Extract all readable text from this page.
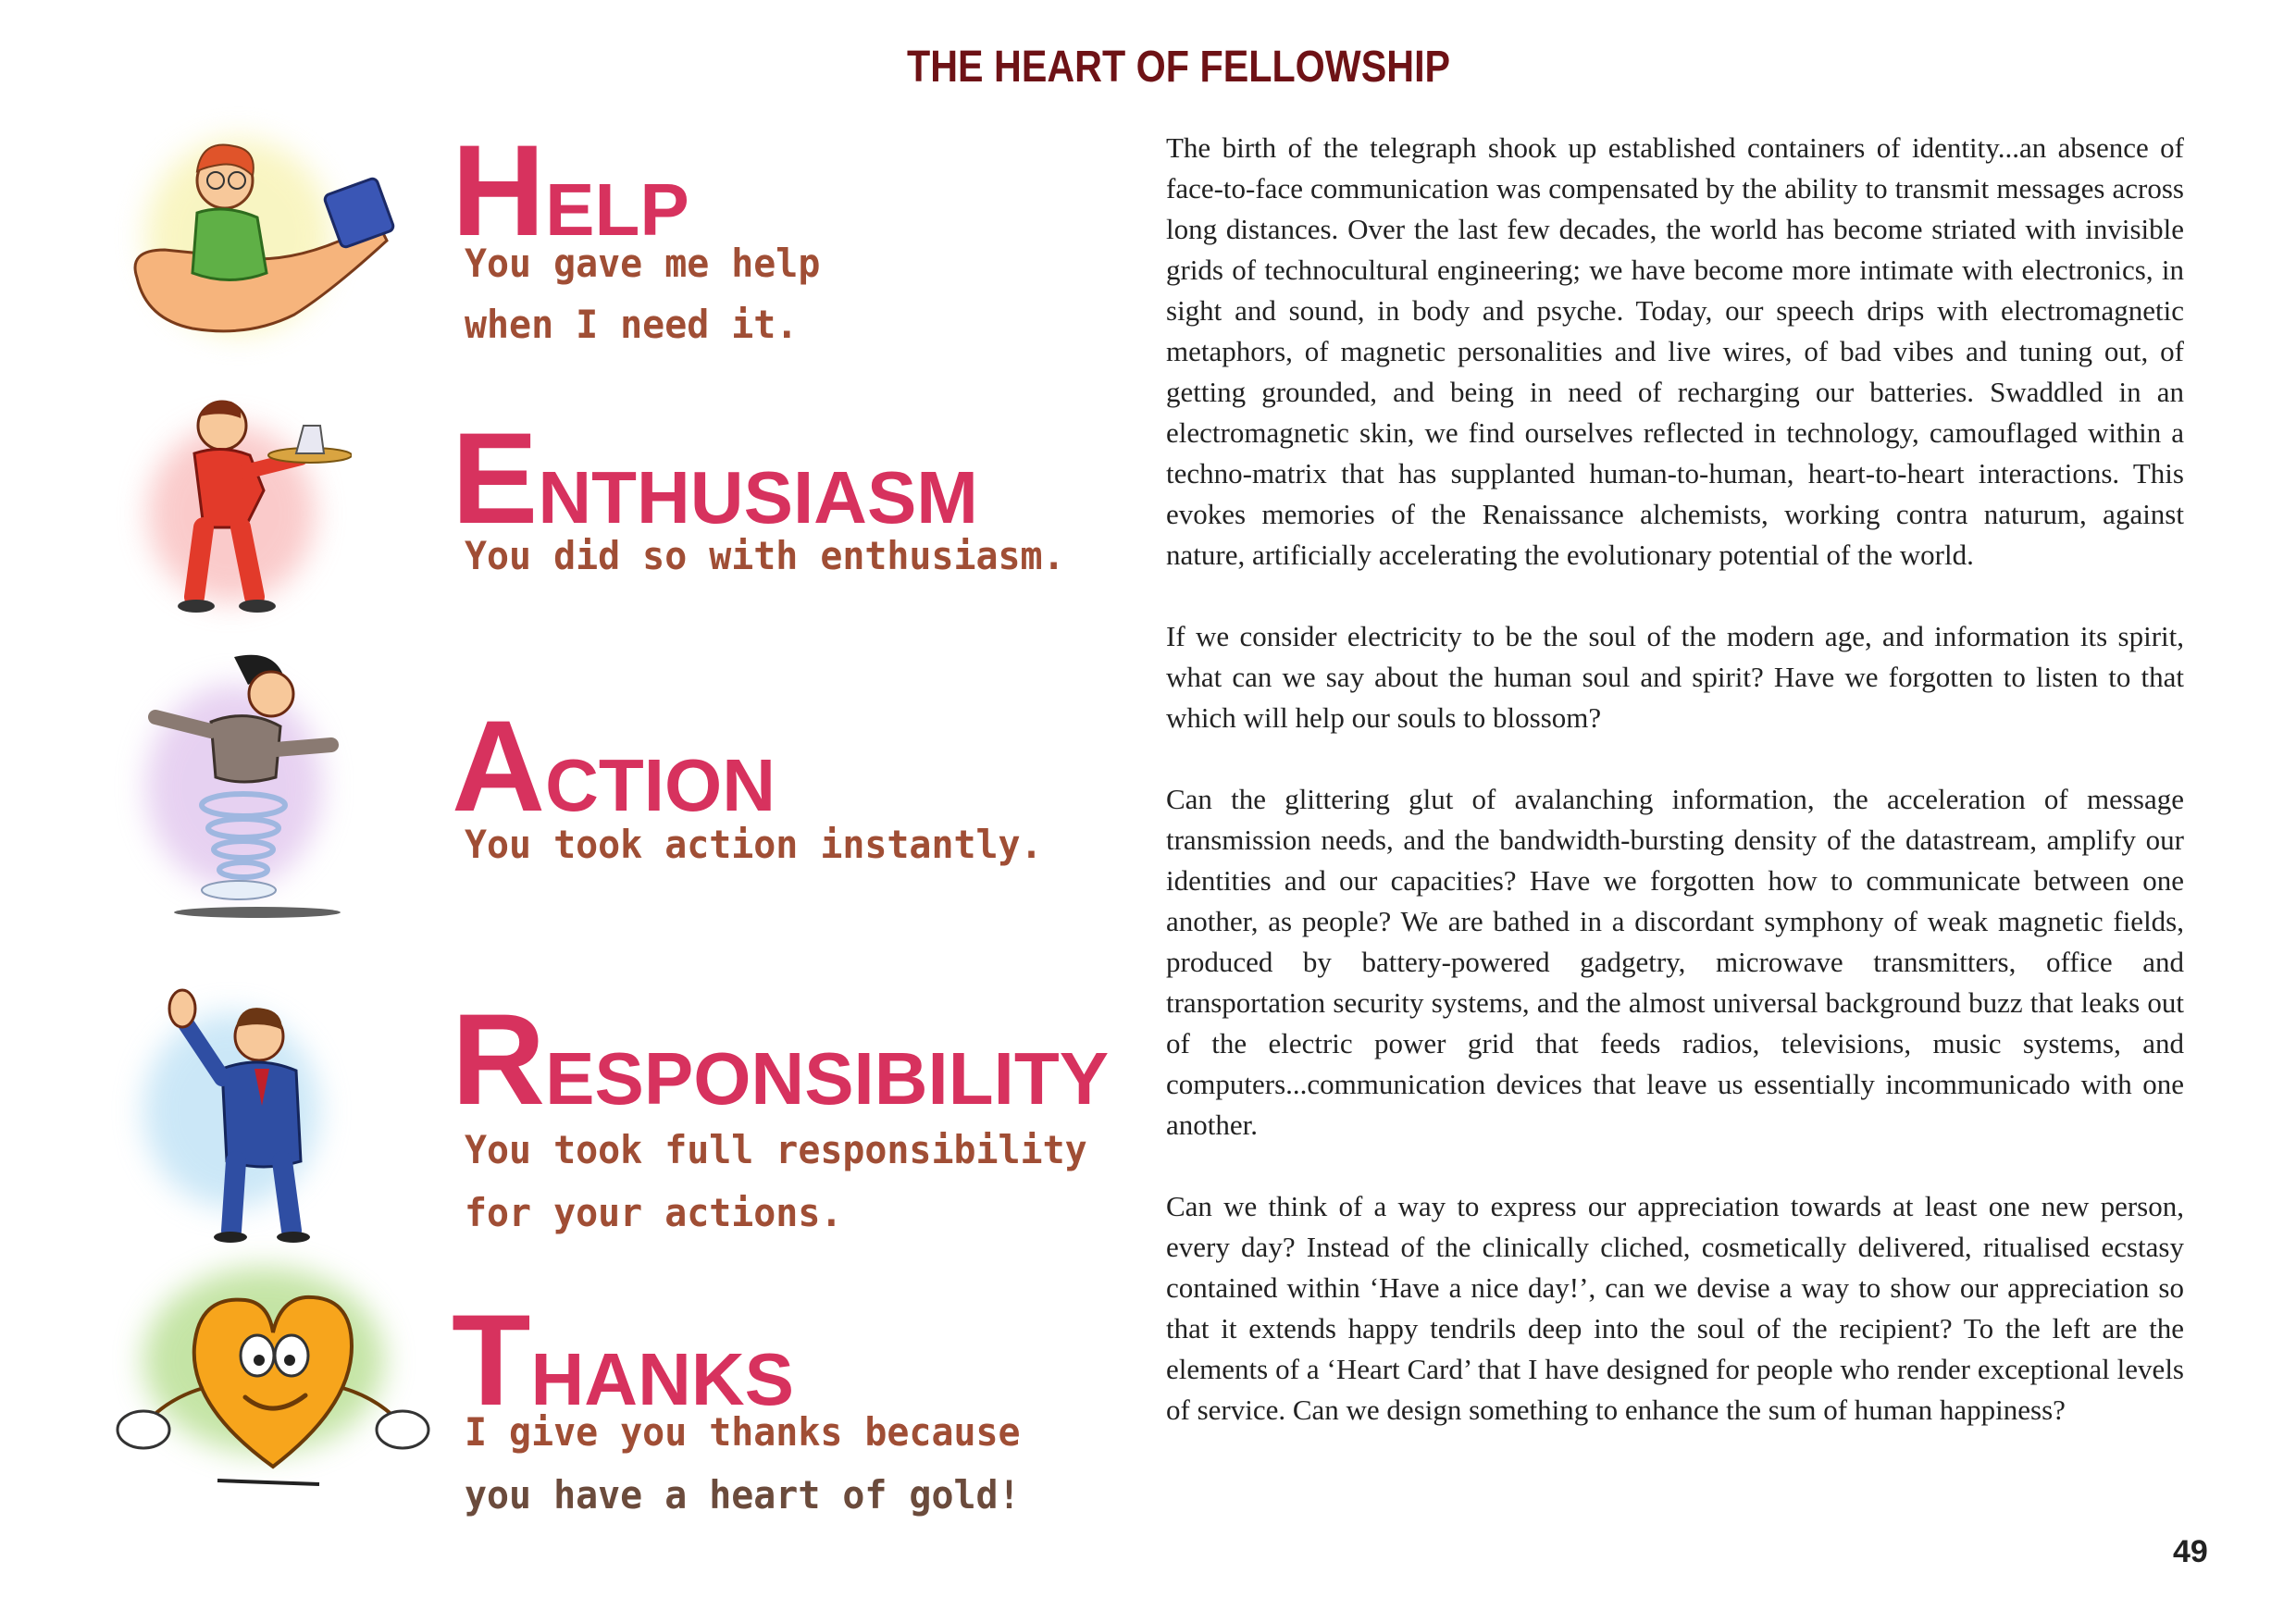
THE HEART OF FELLOWSHIP
HELP
You gave me help
when I need it.
ENTHUSIASM
You did so with enthusiasm.
ACTION
You took action instantly.
RESPONSIBILITY
You took full responsibility
for your actions.
THANKS
I give you thanks because
you have a heart of gold!

The birth of the telegraph shook up established containers of identity...an absence of face-to-face communication was compensated by the ability to transmit messages across long distances. Over the last few decades, the world has become striated with invisible grids of technocultural engineering; we have become more intimate with electronics, in sight and sound, in body and psyche. Today, our speech drips with electromagnetic metaphors, of magnetic personalities and live wires, of bad vibes and tuning out, of getting grounded, and being in need of recharging our batteries. Swaddled in an electromagnetic skin, we find ourselves reflected in technology, camouflaged within a techno-matrix that has supplanted human-to-human, heart-to-heart interactions. This evokes memories of the Renaissance alchemists, working contra naturum, against nature, artificially accelerating the evolutionary potential of the world.

If we consider electricity to be the soul of the modern age, and information its spirit, what can we say about the human soul and spirit? Have we forgotten to listen to that which will help our souls to blossom?

Can the glittering glut of avalanching information, the acceleration of message transmission needs, and the bandwidth-bursting density of the datastream, amplify our identities and our capacities? Have we forgotten how to communicate between one another, as people? We are bathed in a discordant symphony of weak magnetic fields, produced by battery-powered gadgetry, microwave transmitters, office and transportation security systems, and the almost universal background buzz that leaks out of the electric power grid that feeds radios, televisions, music systems, and computers...communication devices that leave us essentially incommunicado with one another.

Can we think of a way to express our appreciation towards at least one new person, every day? Instead of the clinically cliched, cosmetically delivered, ritualised ecstasy contained within ‘Have a nice day!’, can we devise a way to show our appreciation so that it extends happy tendrils deep into the soul of the recipient? To the left are the elements of a ‘Heart Card’ that I have designed for people who render exceptional levels of service. Can we design something to enhance the sum of human happiness?

49
